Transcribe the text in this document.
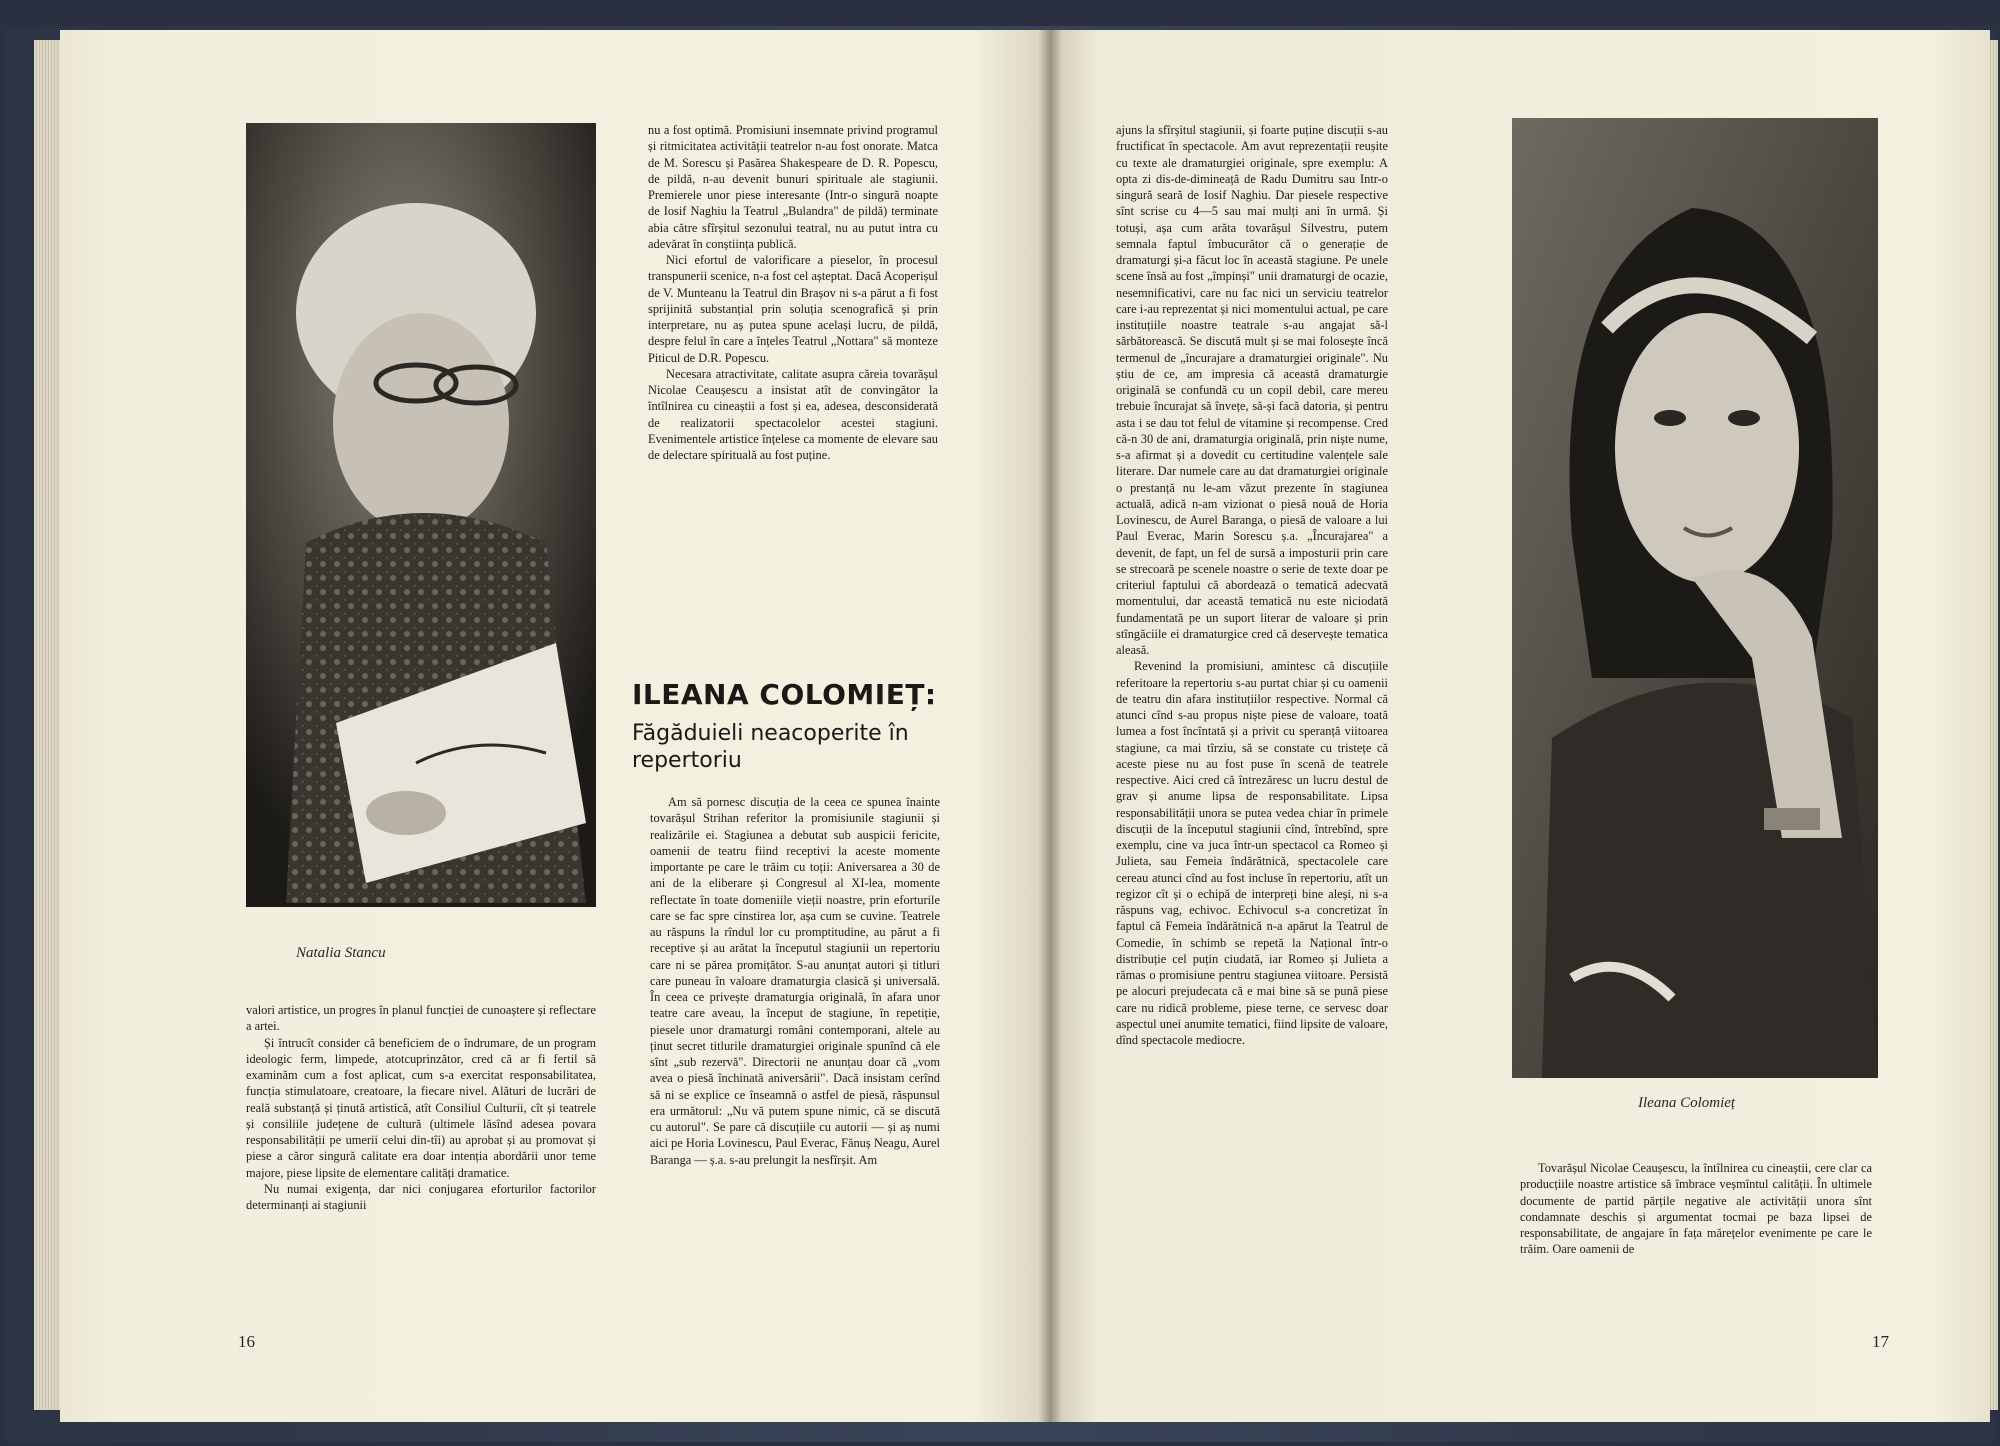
Natalia Stancu

nu a fost optimă. Promisiuni insemnate privind programul și ritmicitatea activității teatrelor n-au fost onorate. Matca de M. Sorescu și Pasărea Shakespeare de D. R. Popescu, de pildă, n-au devenit bunuri spirituale ale stagiunii. Premierele unor piese interesante (Intr-o singură noapte de Iosif Naghiu la Teatrul „Bulandra" de pildă) terminate abia către sfîrșitul sezonului teatral, nu au putut intra cu adevărat în conștiința publică.

Nici efortul de valorificare a pieselor, în procesul transpunerii scenice, n-a fost cel așteptat. Dacă Acoperișul de V. Munteanu la Teatrul din Brașov ni s-a părut a fi fost sprijinită substanțial prin soluția scenografică și prin interpretare, nu aș putea spune același lucru, de pildă, despre felul în care a înțeles Teatrul „Nottara" să monteze Piticul de D.R. Popescu.

Necesara atractivitate, calitate asupra căreia tovarășul Nicolae Ceaușescu a insistat atît de convingător la întîlnirea cu cineaștii a fost și ea, adesea, desconsiderată de realizatorii spectacolelor acestei stagiuni. Evenimentele artistice înțelese ca momente de elevare sau de delectare spirituală au fost puține.

ILEANA COLOMIEȚ:
Făgăduieli neacoperite în repertoriu

valori artistice, un progres în planul funcției de cunoaștere și reflectare a artei.

Și întrucît consider că beneficiem de o îndrumare, de un program ideologic ferm, limpede, atotcuprinzător, cred că ar fi fertil să examinăm cum a fost aplicat, cum s-a exercitat responsabilitatea, funcția stimulatoare, creatoare, la fiecare nivel. Alături de lucrări de reală substanță și ținută artistică, atît Consiliul Culturii, cît și teatrele și consiliile județene de cultură (ultimele lăsînd adesea povara responsabilității pe umerii celui din-tîi) au aprobat și au promovat și piese a căror singură calitate era doar intenția abordării unor teme majore, piese lipsite de elementare calități dramatice.

Nu numai exigența, dar nici conjugarea eforturilor factorilor determinanți ai stagiunii

Am să pornesc discuția de la ceea ce spunea înainte tovarășul Strihan referitor la promisiunile stagiunii și realizările ei. Stagiunea a debutat sub auspicii fericite, oamenii de teatru fiind receptivi la aceste momente importante pe care le trăim cu toții: Aniversarea a 30 de ani de la eliberare și Congresul al XI-lea, momente reflectate în toate domeniile vieții noastre, prin eforturile care se fac spre cinstirea lor, așa cum se cuvine. Teatrele au răspuns la rîndul lor cu promptitudine, au părut a fi receptive și au arătat la începutul stagiunii un repertoriu care ni se părea promițător. S-au anunțat autori și titluri care puneau în valoare dramaturgia clasică și universală. În ceea ce privește dramaturgia originală, în afara unor teatre care aveau, la început de stagiune, în repetiție, piesele unor dramaturgi români contemporani, altele au ținut secret titlurile dramaturgiei originale spunînd că ele sînt „sub rezervă". Directorii ne anunțau doar că „vom avea o piesă închinată aniversării". Dacă insistam cerînd să ni se explice ce înseamnă o astfel de piesă, răspunsul era următorul: „Nu vă putem spune nimic, că se discută cu autorul". Se pare că discuțiile cu autorii — și aș numi aici pe Horia Lovinescu, Paul Everac, Fănuș Neagu, Aurel Baranga — ș.a. s-au prelungit la nesfîrșit. Am

16

ajuns la sfîrșitul stagiunii, și foarte puține discuții s-au fructificat în spectacole. Am avut reprezentații reușite cu texte ale dramaturgiei originale, spre exemplu: A opta zi dis-de-dimineață de Radu Dumitru sau Intr-o singură seară de Iosif Naghiu. Dar piesele respective sînt scrise cu 4—5 sau mai mulți ani în urmă. Și totuși, așa cum arăta tovarășul Silvestru, putem semnala faptul îmbucurător că o generație de dramaturgi și-a făcut loc în această stagiune. Pe unele scene însă au fost „împinși" unii dramaturgi de ocazie, nesemnificativi, care nu fac nici un serviciu teatrelor care i-au reprezentat și nici momentului actual, pe care instituțiile noastre teatrale s-au angajat să-l sărbătorească. Se discută mult și se mai folosește încă termenul de „încurajare a dramaturgiei originale". Nu știu de ce, am impresia că această dramaturgie originală se confundă cu un copil debil, care mereu trebuie încurajat să învețe, să-și facă datoria, și pentru asta i se dau tot felul de vitamine și recompense. Cred că-n 30 de ani, dramaturgia originală, prin niște nume, s-a afirmat și a dovedit cu certitudine valențele sale literare. Dar numele care au dat dramaturgiei originale o prestanță nu le-am văzut prezente în stagiunea actuală, adică n-am vizionat o piesă nouă de Horia Lovinescu, de Aurel Baranga, o piesă de valoare a lui Paul Everac, Marin Sorescu ș.a. „Încurajarea" a devenit, de fapt, un fel de sursă a imposturii prin care se strecoară pe scenele noastre o serie de texte doar pe criteriul faptului că abordează o tematică adecvată momentului, dar această tematică nu este niciodată fundamentată pe un suport literar de valoare și prin stîngăciile ei dramaturgice cred că deservește tematica aleasă.

Revenind la promisiuni, amintesc că discuțiile referitoare la repertoriu s-au purtat chiar și cu oamenii de teatru din afara instituțiilor respective. Normal că atunci cînd s-au propus niște piese de valoare, toată lumea a fost încîntată și a privit cu speranță viitoarea stagiune, ca mai tîrziu, să se constate cu tristețe că aceste piese nu au fost puse în scenă de teatrele respective. Aici cred că întrezăresc un lucru destul de grav și anume lipsa de responsabilitate. Lipsa responsabilității unora se putea vedea chiar în primele discuții de la începutul stagiunii cînd, întrebînd, spre exemplu, cine va juca într-un spectacol ca Romeo și Julieta, sau Femeia îndărătnică, spectacolele care cereau atunci cînd au fost incluse în repertoriu, atît un regizor cît și o echipă de interpreți bine aleși, ni s-a răspuns vag, echivoc. Echivocul s-a concretizat în faptul că Femeia îndărătnică n-a apărut la Teatrul de Comedie, în schimb se repetă la Național într-o distribuție cel puțin ciudată, iar Romeo și Julieta a rămas o promisiune pentru stagiunea viitoare. Persistă pe alocuri prejudecata că e mai bine să se pună piese care nu ridică probleme, piese terne, ce servesc doar aspectul unei anumite tematici, fiind lipsite de valoare, dînd spectacole mediocre.

Ileana Colomieț

Tovarășul Nicolae Ceaușescu, la întîlnirea cu cineaștii, cere clar ca producțiile noastre artistice să îmbrace veșmîntul calității. În ultimele documente de partid părțile negative ale activității unora sînt condamnate deschis și argumentat tocmai pe baza lipsei de responsabilitate, de angajare în fața mărețelor evenimente pe care le trăim. Oare oamenii de

17
